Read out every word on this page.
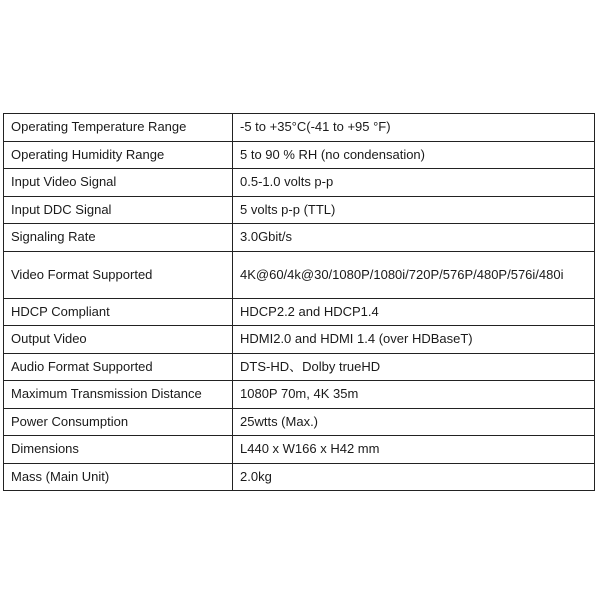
Operating Temperature Range	-5 to +35°C(-41 to +95 °F)
Operating Humidity Range	5 to 90 % RH (no condensation)
Input Video Signal	0.5-1.0 volts p-p
Input DDC Signal	5 volts p-p (TTL)
Signaling Rate	3.0Gbit/s
Video Format Supported	4K@60/4k@30/1080P/1080i/720P/576P/480P/576i/480i
HDCP Compliant	HDCP2.2 and HDCP1.4
Output Video	HDMI2.0 and HDMI 1.4 (over HDBaseT)
Audio Format Supported	DTS-HD、Dolby trueHD
Maximum Transmission Distance	1080P 70m, 4K 35m
Power Consumption	25wtts (Max.)
Dimensions	L440 x W166 x H42 mm
Mass (Main Unit)	2.0kg
